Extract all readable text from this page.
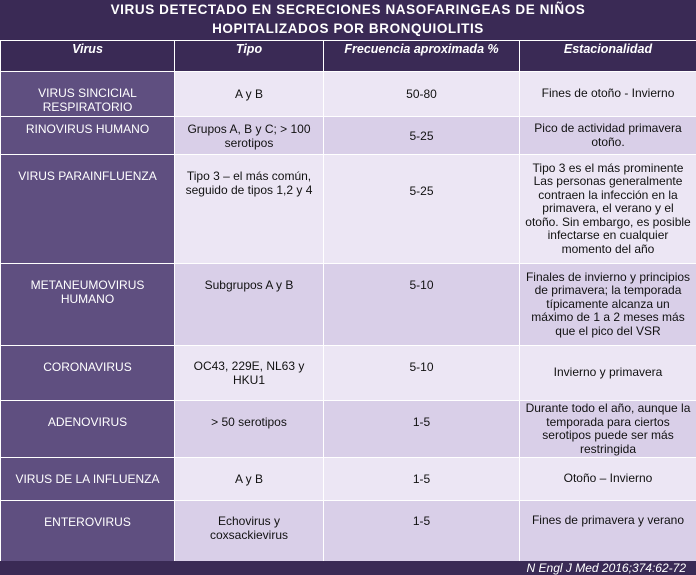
VIRUS DETECTADO EN SECRECIONES NASOFARINGEAS DE NIÑOS
HOPITALIZADOS POR BRONQUIOLITIS
Virus	Tipo	Frecuencia aproximada %	Estacionalidad
VIRUS SINCICIAL RESPIRATORIO	A y B	50-80	Fines de otoño - Invierno
RINOVIRUS HUMANO	Grupos A, B y C; > 100 serotipos	5-25	Pico de actividad primavera otoño.
VIRUS PARAINFLUENZA	Tipo 3 – el más común, seguido de tipos 1,2 y 4	5-25	Tipo 3 es el más prominente Las personas generalmente contraen la infección en la primavera, el verano y el otoño. Sin embargo, es posible infectarse en cualquier momento del año
METANEUMOVIRUS HUMANO	Subgrupos A y B	5-10	Finales de invierno y principios de primavera; la temporada típicamente alcanza un máximo de 1 a 2 meses más que el pico del VSR
CORONAVIRUS	OC43, 229E, NL63 y HKU1	5-10	Invierno y primavera
ADENOVIRUS	> 50 serotipos	1-5	Durante todo el año, aunque la temporada para ciertos serotipos puede ser más restringida
VIRUS DE LA INFLUENZA	A y B	1-5	Otoño – Invierno
ENTEROVIRUS	Echovirus y coxsackievirus	1-5	Fines de primavera y verano
N Engl J Med 2016;374:62-72
